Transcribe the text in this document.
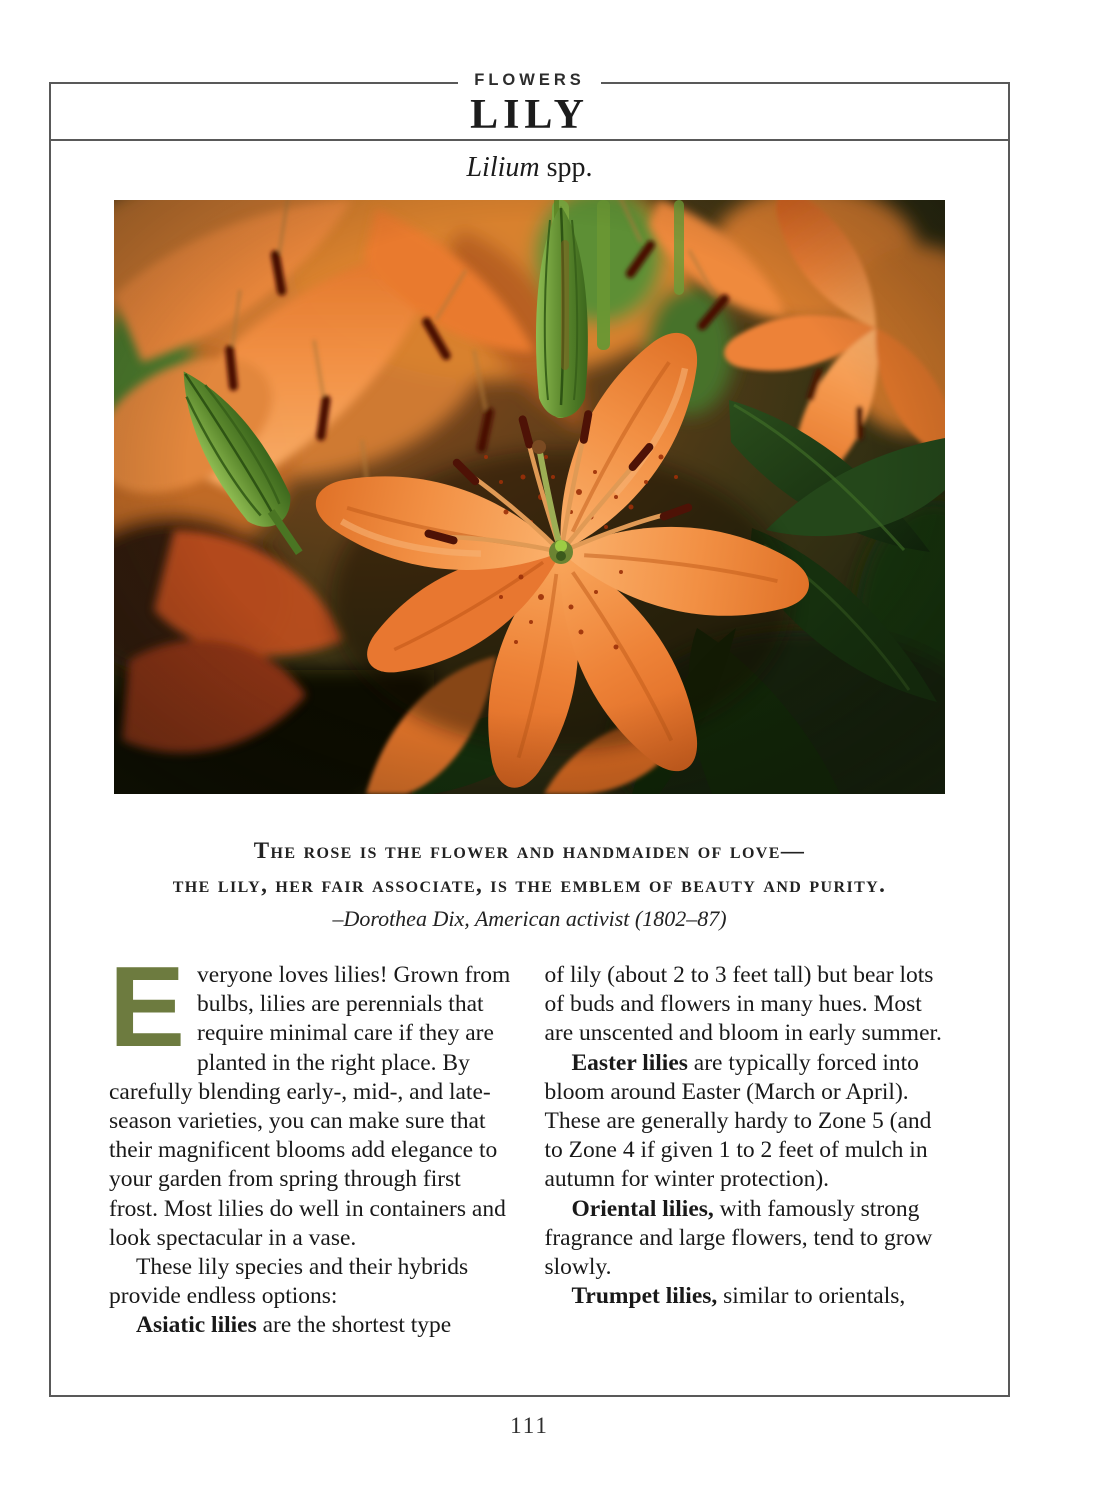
FLOWERS
LILY
Lilium spp.
The rose is the flower and handmaiden of love—
the lily, her fair associate, is the emblem of beauty and purity.
–Dorothea Dix, American activist (1802–87)

Everyone loves lilies! Grown from bulbs, lilies are perennials that require minimal care if they are planted in the right place. By carefully blending early-, mid-, and late-season varieties, you can make sure that their magnificent blooms add elegance to your garden from spring through first frost. Most lilies do well in containers and look spectacular in a vase.

These lily species and their hybrids provide endless options:

Asiatic lilies are the shortest type

of lily (about 2 to 3 feet tall) but bear lots of buds and flowers in many hues. Most are unscented and bloom in early summer.

Easter lilies are typically forced into bloom around Easter (March or April). These are generally hardy to Zone 5 (and to Zone 4 if given 1 to 2 feet of mulch in autumn for winter protection).

Oriental lilies, with famously strong fragrance and large flowers, tend to grow slowly.

Trumpet lilies, similar to orientals,

111
